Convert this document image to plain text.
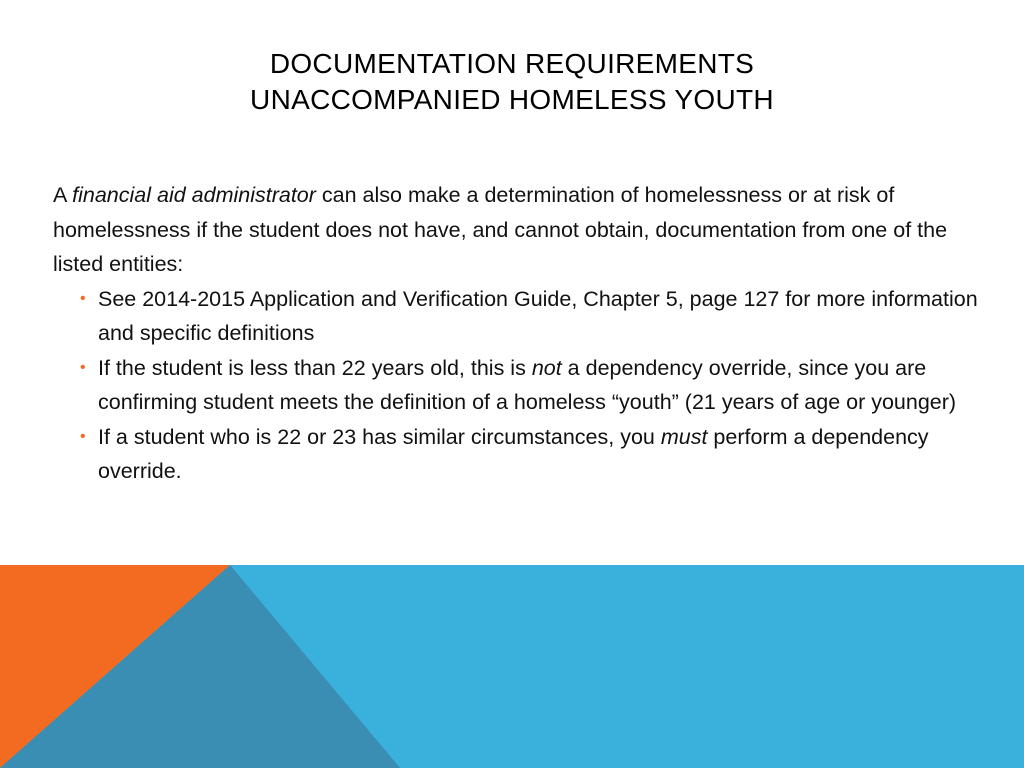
DOCUMENTATION REQUIREMENTS
UNACCOMPANIED HOMELESS YOUTH

A financial aid administrator can also make a determination of homelessness or at risk of homelessness if the student does not have, and cannot obtain, documentation from one of the listed entities:

• See 2014-2015 Application and Verification Guide, Chapter 5, page 127 for more information and specific definitions
• If the student is less than 22 years old, this is not a dependency override, since you are confirming student meets the definition of a homeless “youth” (21 years of age or younger)
• If a student who is 22 or 23 has similar circumstances, you must perform a dependency override.
